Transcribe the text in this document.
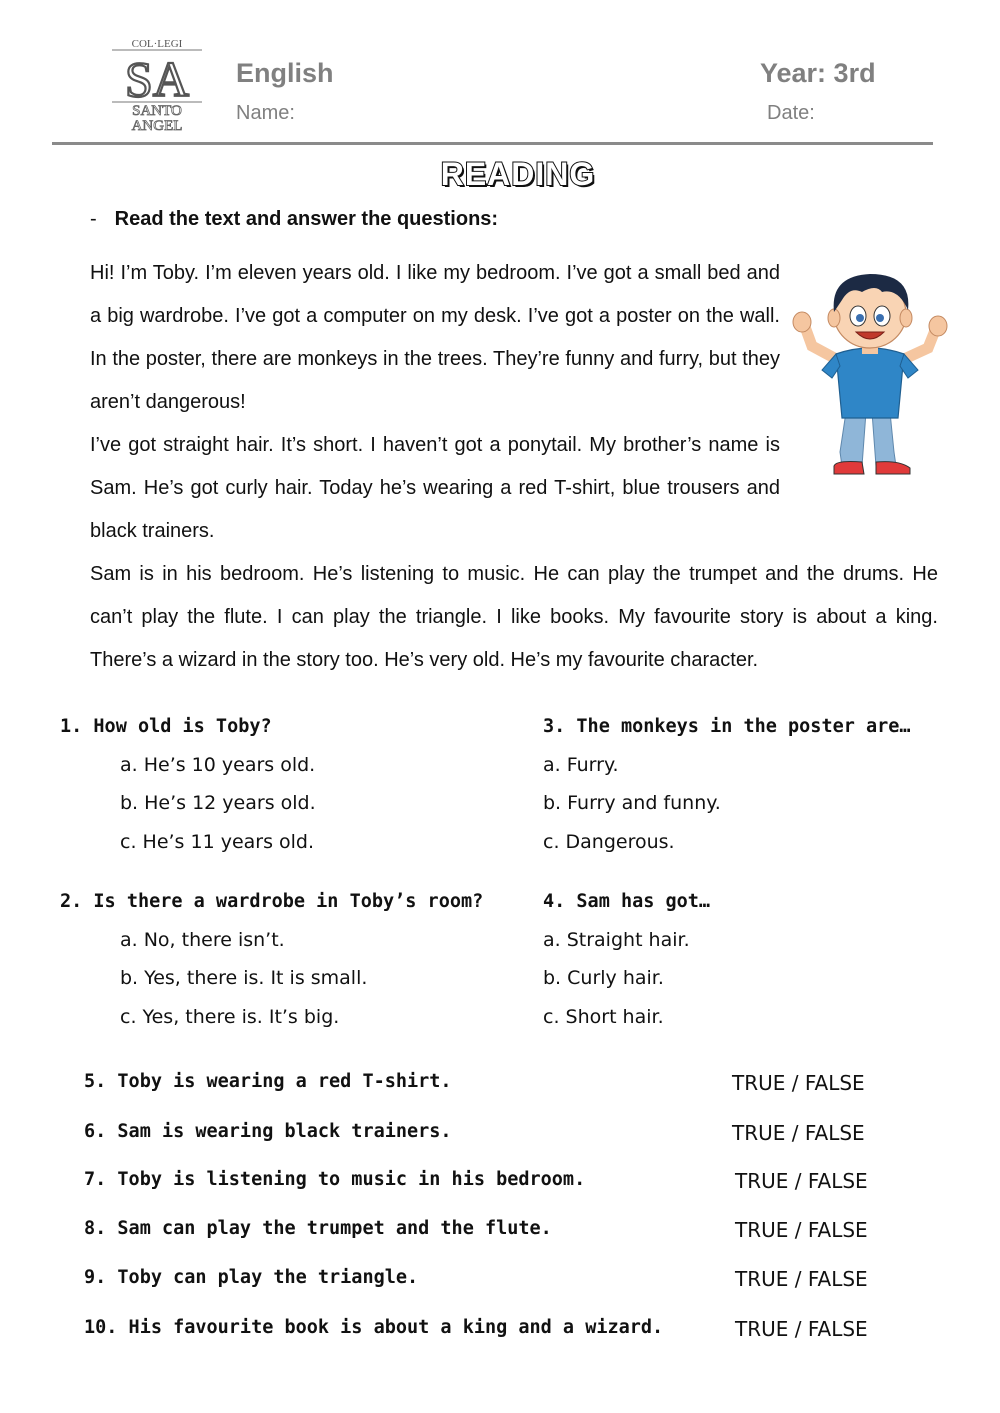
COL·LEGI
SA
SANTO
ANGEL
English	Year: 3rd
Name:	Date:
READING
- Read the text and answer the questions:
Hi! I’m Toby. I’m eleven years old. I like my bedroom. I’ve got a small bed and a big wardrobe. I’ve got a computer on my desk. I’ve got a poster on the wall. In the poster, there are monkeys in the trees. They’re funny and furry, but they aren’t dangerous!
I’ve got straight hair. It’s short. I haven’t got a ponytail. My brother’s name is Sam. He’s got curly hair. Today he’s wearing a red T-shirt, blue trousers and black trainers.
Sam is in his bedroom. He’s listening to music. He can play the trumpet and the drums. He can’t play the flute. I can play the triangle. I like books. My favourite story is about a king. There’s a wizard in the story too. He’s very old. He’s my favourite character.
1. How old is Toby?
a. He’s 10 years old.
b. He’s 12 years old.
c. He’s 11 years old.
2. Is there a wardrobe in Toby’s room?
a. No, there isn’t.
b. Yes, there is. It is small.
c. Yes, there is. It’s big.
3. The monkeys in the poster are…
a. Furry.
b. Furry and funny.
c. Dangerous.
4. Sam has got…
a. Straight hair.
b. Curly hair.
c. Short hair.
5. Toby is wearing a red T-shirt.	TRUE / FALSE
6. Sam is wearing black trainers.	TRUE / FALSE
7. Toby is listening to music in his bedroom.	TRUE / FALSE
8. Sam can play the trumpet and the flute.	TRUE / FALSE
9. Toby can play the triangle.	TRUE / FALSE
10. His favourite book is about a king and a wizard.	TRUE / FALSE
